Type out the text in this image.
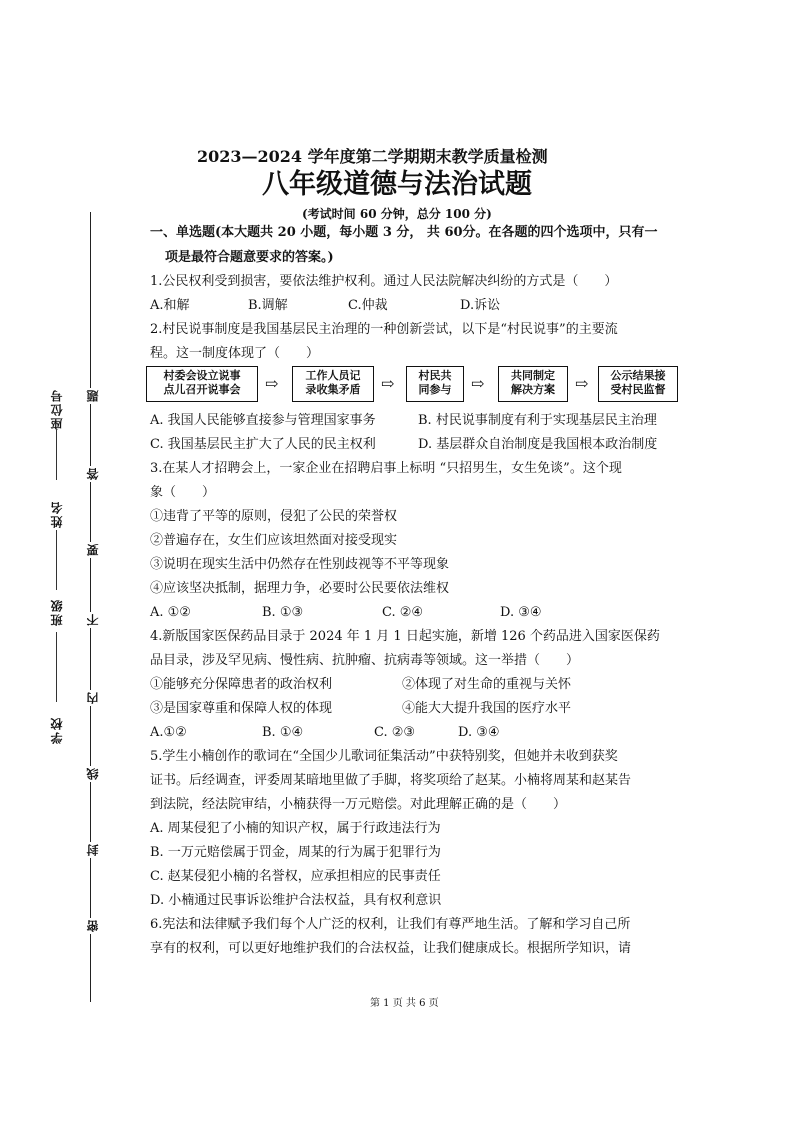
座位号
姓名
班级
学校
题
答
要
不
内
线
封
密
2023—2024 学年度第二学期期末教学质量检测
八年级道德与法治试题
(考试时间 60 分钟，总分 100 分)
一、单选题(本大题共 20 小题，每小题 3 分， 共 60分。在各题的四个选项中，只有一
项是最符合题意要求的答案。)
1.公民权利受到损害，要依法维护权利。通过人民法院解决纠纷的方式是（　　）
A.和解	B.调解	C.仲裁	D.诉讼
2.村民说事制度是我国基层民主治理的一种创新尝试，以下是“村民说事”的主要流
程。这一制度体现了（　　）
村委会设立说事
点儿召开说事会	⇨	工作人员记
录收集矛盾	⇨	村民共
同参与	⇨	共同制定
解决方案	⇨	公示结果接
受村民监督
A. 我国人民能够直接参与管理国家事务	B. 村民说事制度有利于实现基层民主治理
C. 我国基层民主扩大了人民的民主权利	D. 基层群众自治制度是我国根本政治制度
3.在某人才招聘会上，一家企业在招聘启事上标明 “只招男生，女生免谈”。这个现
象（　　）
①违背了平等的原则，侵犯了公民的荣誉权
②普遍存在，女生们应该坦然面对接受现实
③说明在现实生活中仍然存在性别歧视等不平等现象
④应该坚决抵制，据理力争，必要时公民要依法维权
A. ①②	B. ①③	C. ②④	D. ③④
4.新版国家医保药品目录于 2024 年 1 月 1 日起实施，新增 126 个药品进入国家医保药
品目录，涉及罕见病、慢性病、抗肿瘤、抗病毒等领域。这一举措（　　）
①能够充分保障患者的政治权利	②体现了对生命的重视与关怀
③是国家尊重和保障人权的体现	④能大大提升我国的医疗水平
A.①②	B. ①④	C. ②③	D. ③④
5.学生小楠创作的歌词在“全国少儿歌词征集活动”中获特别奖，但她并未收到获奖
证书。后经调查，评委周某暗地里做了手脚，将奖项给了赵某。小楠将周某和赵某告
到法院，经法院审结，小楠获得一万元赔偿。对此理解正确的是（　　）
A. 周某侵犯了小楠的知识产权，属于行政违法行为
B. 一万元赔偿属于罚金，周某的行为属于犯罪行为
C. 赵某侵犯小楠的名誉权，应承担相应的民事责任
D. 小楠通过民事诉讼维护合法权益，具有权利意识
6.宪法和法律赋予我们每个人广泛的权利，让我们有尊严地生活。了解和学习自己所
享有的权利，可以更好地维护我们的合法权益，让我们健康成长。根据所学知识，请
第 1 页 共 6 页
